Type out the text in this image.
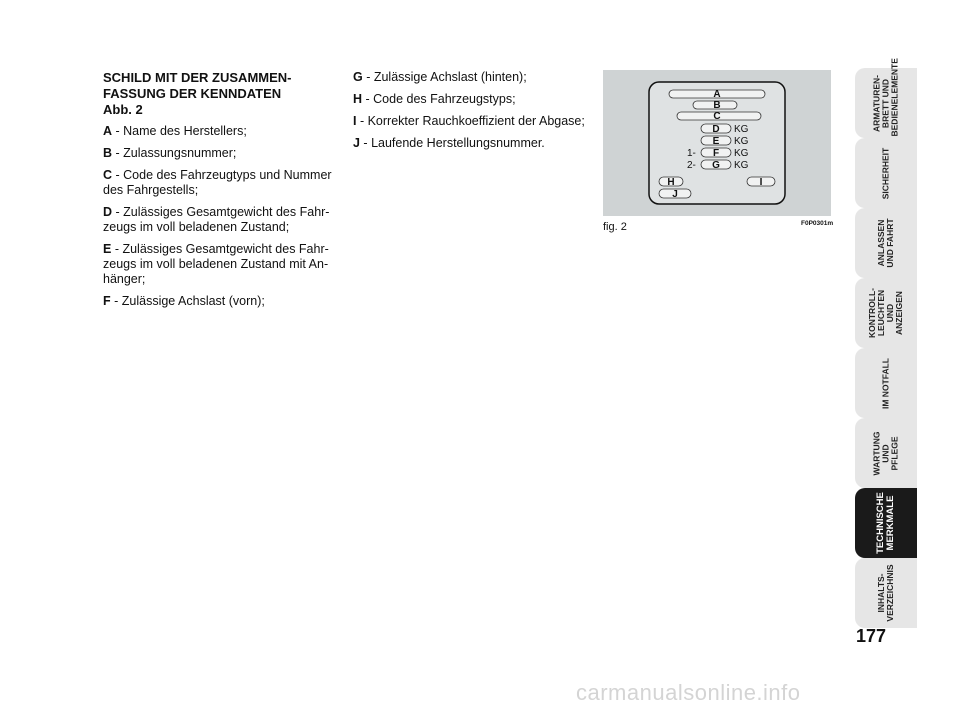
SCHILD MIT DER ZUSAMMEN-
FASSUNG DER KENNDATEN
Abb. 2
A - Name des Herstellers;
B - Zulassungsnummer;
C - Code des Fahrzeugtyps und Nummer des Fahrgestells;
D - Zulässiges Gesamtgewicht des Fahr-zeugs im voll beladenen Zustand;
E - Zulässiges Gesamtgewicht des Fahr-zeugs im voll beladenen Zustand mit An-hänger;
F - Zulässige Achslast (vorn);
G - Zulässige Achslast (hinten);
H - Code des Fahrzeugstyps;
I - Korrekter Rauchkoeffizient der Abgase;
J - Laufende Herstellungsnummer.
A
B
C
D KG
E KG
1- F KG
2- G KG
H	I
J
fig. 2	F0P0301m
ARMATUREN-
BRETT UND
BEDIENELEMENTE
SICHERHEIT
ANLASSEN
UND FAHRT
KONTROLL-
LEUCHTEN UND
ANZEIGEN
IM NOTFALL
WARTUNG UND
PFLEGE
TECHNISCHE
MERKMALE
INHALTS-
VERZEICHNIS
177
carmanualsonline.info
